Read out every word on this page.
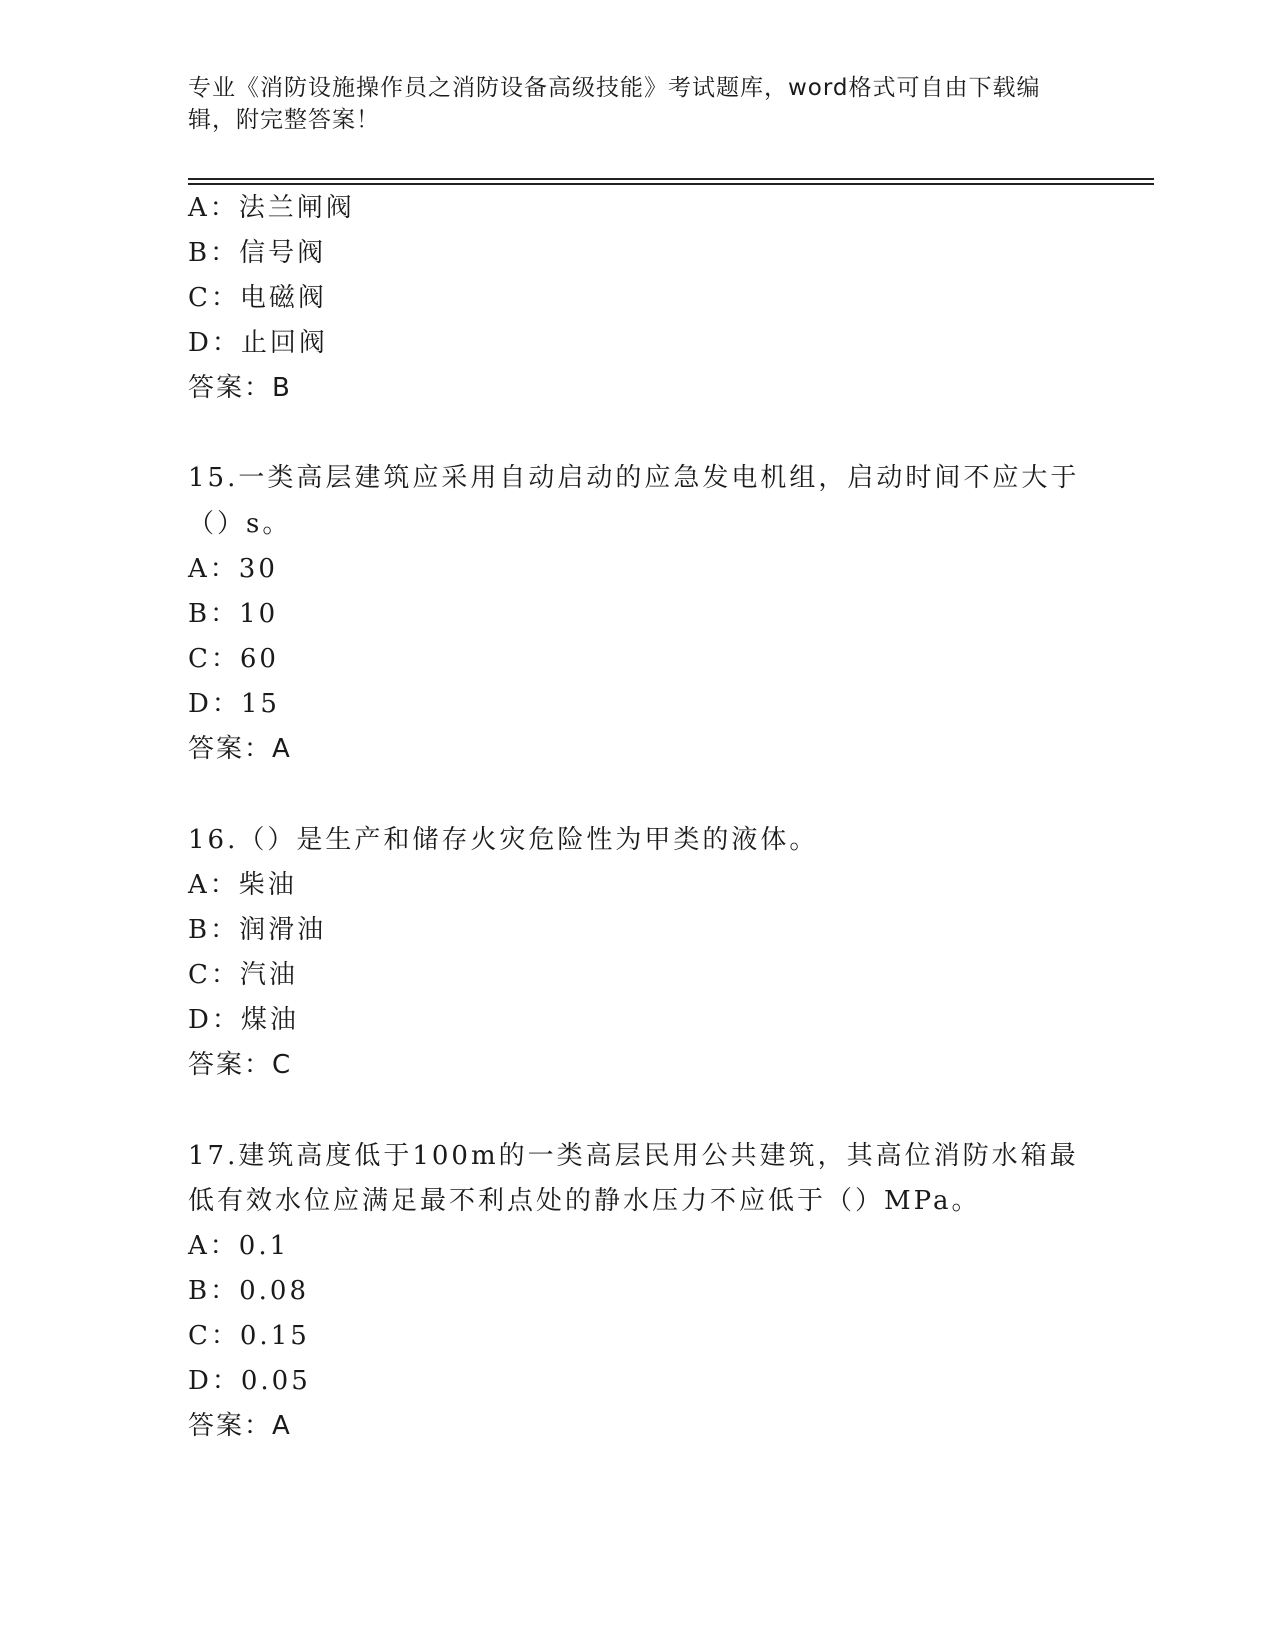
专业《消防设施操作员之消防设备高级技能》考试题库，word格式可自由下载编
辑，附完整答案！
A：法兰闸阀
B：信号阀
C：电磁阀
D：止回阀
答案：B
15.一类高层建筑应采用自动启动的应急发电机组，启动时间不应大于
（）s。
A：30
B：10
C：60
D：15
答案：A
16.（）是生产和储存火灾危险性为甲类的液体。
A：柴油
B：润滑油
C：汽油
D：煤油
答案：C
17.建筑高度低于100m的一类高层民用公共建筑，其高位消防水箱最
低有效水位应满足最不利点处的静水压力不应低于（）MPa。
A：0.1
B：0.08
C：0.15
D：0.05
答案：A
